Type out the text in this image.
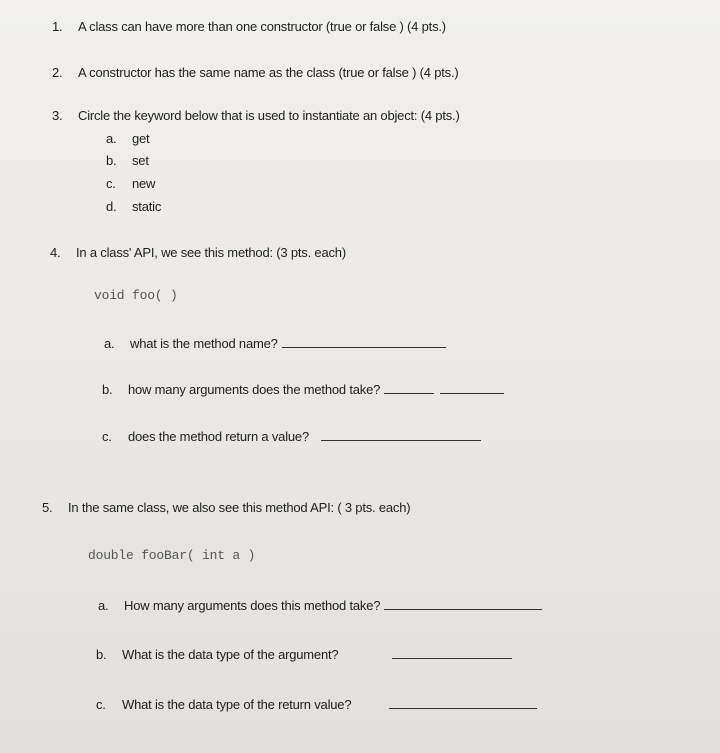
1. A class can have more than one constructor (true or false ) (4 pts.)
2. A constructor has the same name as the class (true or false ) (4 pts.)
3. Circle the keyword below that is used to instantiate an object: (4 pts.)
a. get
b. set
c. new
d. static
4. In a class' API, we see this method: (3 pts. each)
void foo( )
a. what is the method name?
b. how many arguments does the method take?
c. does the method return a value?
5. In the same class, we also see this method API: ( 3 pts. each)
double fooBar( int a )
a. How many arguments does this method take?
b. What is the data type of the argument?
c. What is the data type of the return value?
